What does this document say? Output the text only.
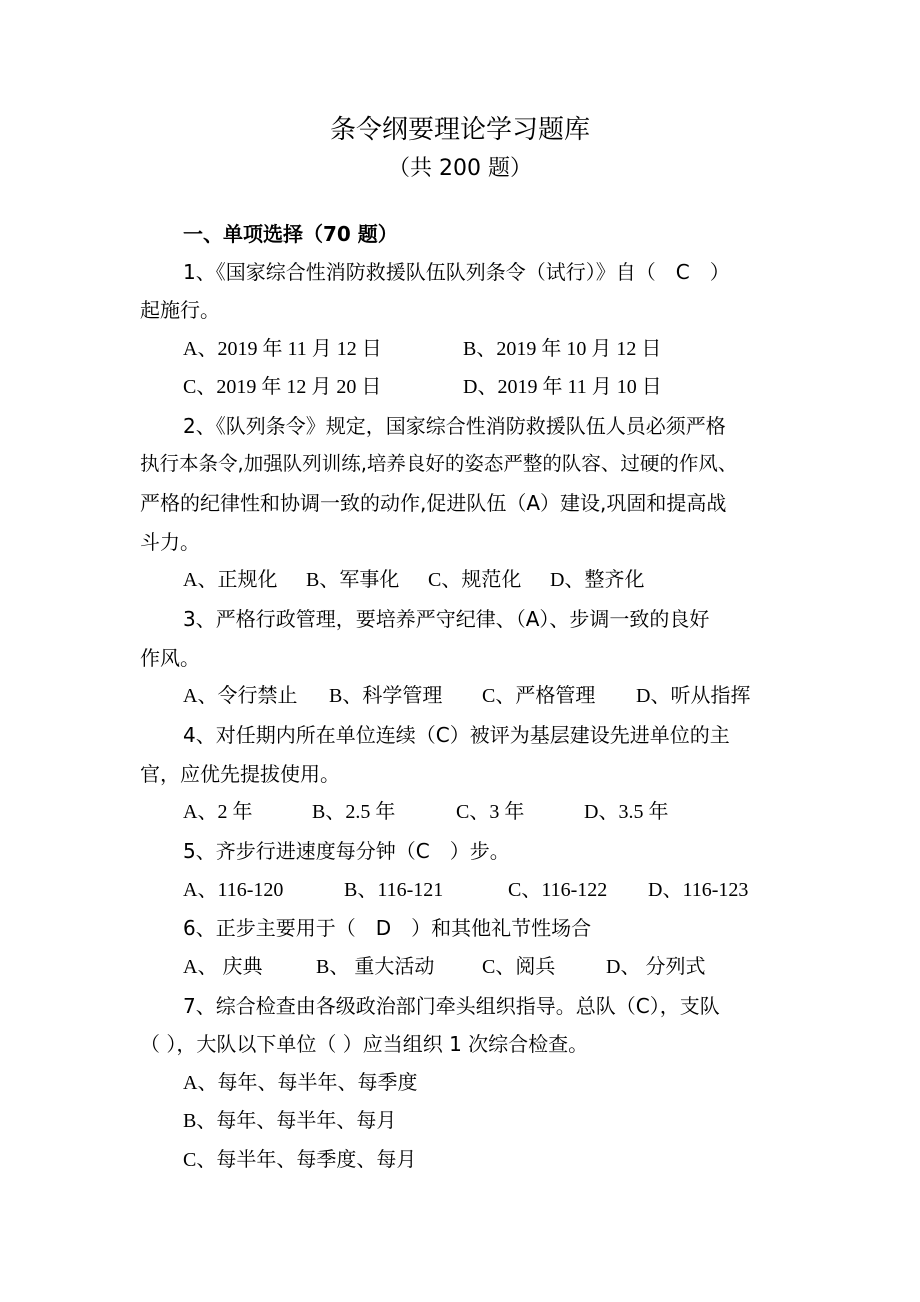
条令纲要理论学习题库
（共 200 题）
一、单项选择（70 题）
1、《国家综合性消防救援队伍队列条令（试行）》自（　C　）
起施行。
A、2019 年 11 月 12 日	B、2019 年 10 月 12 日
C、2019 年 12 月 20 日	D、2019 年 11 月 10 日
2、《队列条令》规定，国家综合性消防救援队伍人员必须严格
执行本条令,加强队列训练,培养良好的姿态严整的队容、过硬的作风、
严格的纪律性和协调一致的动作,促进队伍（A）建设,巩固和提高战
斗力。
A、正规化 B、军事化 C、规范化 D、整齐化
3、严格行政管理，要培养严守纪律、（A）、步调一致的良好
作风。
A、令行禁止 B、科学管理 C、严格管理 D、听从指挥
4、对任期内所在单位连续（C）被评为基层建设先进单位的主
官，应优先提拔使用。
A、2 年	B、2.5 年	C、3 年	D、3.5 年
5、齐步行进速度每分钟（C　）步。
A、116-120	B、116-121	C、116-122 D、116-123
6、正步主要用于（　D　）和其他礼节性场合
A、 庆典	B、 重大活动 C、阅兵	D、 分列式
7、综合检查由各级政治部门牵头组织指导。总队（C），支队
（ ），大队以下单位（ ）应当组织 1 次综合检查。
A、每年、每半年、每季度
B、每年、每半年、每月
C、每半年、每季度、每月
